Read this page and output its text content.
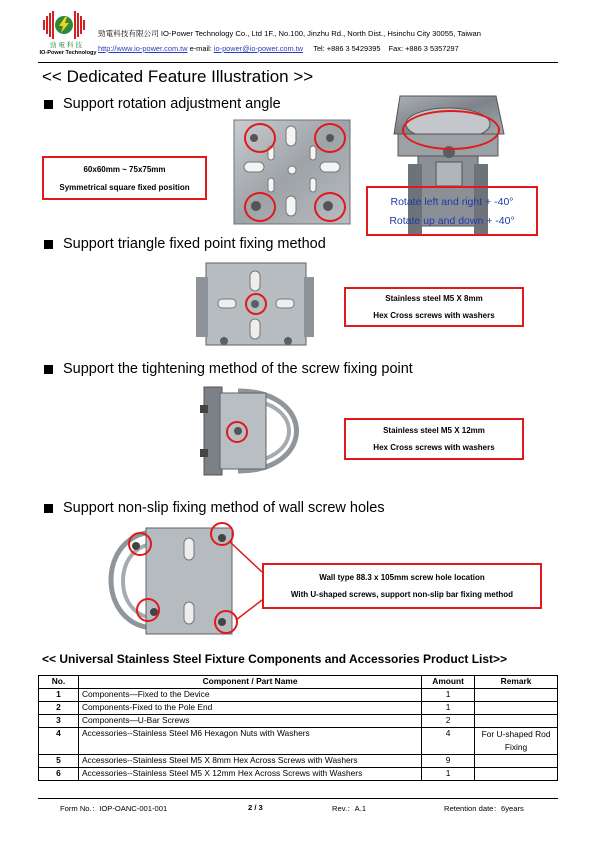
勁電科技
IO-Power Technology
勁電科技有限公司 IO-Power Technology Co., Ltd 1F., No.100, Jinzhu Rd., North Dist., Hsinchu City 30055, Taiwan
http://www.io-power.com.tw e-mail: io-power@io-power.com.tw Tel: +886 3 5429395 Fax: +886 3 5357297
<< Dedicated Feature Illustration >>
Support rotation adjustment angle
60x60mm ~ 75x75mm
Symmetrical square fixed position
Rotate left and right + -40°
Rotate up and down + -40°
Support triangle fixed point fixing method
Stainless steel M5 X 8mm
Hex Cross screws with washers
Support the tightening method of the screw fixing point
Stainless steel M5 X 12mm
Hex Cross screws with washers
Support non-slip fixing method of wall screw holes
Wall type 88.3 x 105mm screw hole location
With U-shaped screws, support non-slip bar fixing method
<< Universal Stainless Steel Fixture Components and Accessories Product List>>
No.	Component / Part Name	Amount	Remark
1	Components—Fixed to the Device	1	
2	Components-Fixed to the Pole End	1	
3	Components—U-Bar Screws	2	
4	Accessories--Stainless Steel M6 Hexagon Nuts with Washers	4	For U-shaped Rod Fixing
5	Accessories--Stainless Steel M5 X 8mm Hex Across Screws with Washers	9	
6	Accessories--Stainless Steel M5 X 12mm Hex Across Screws with Washers	1	
Form No.：IOP-OANC-001-001	2 / 3	Rev.：A.1	Retention date：6years
